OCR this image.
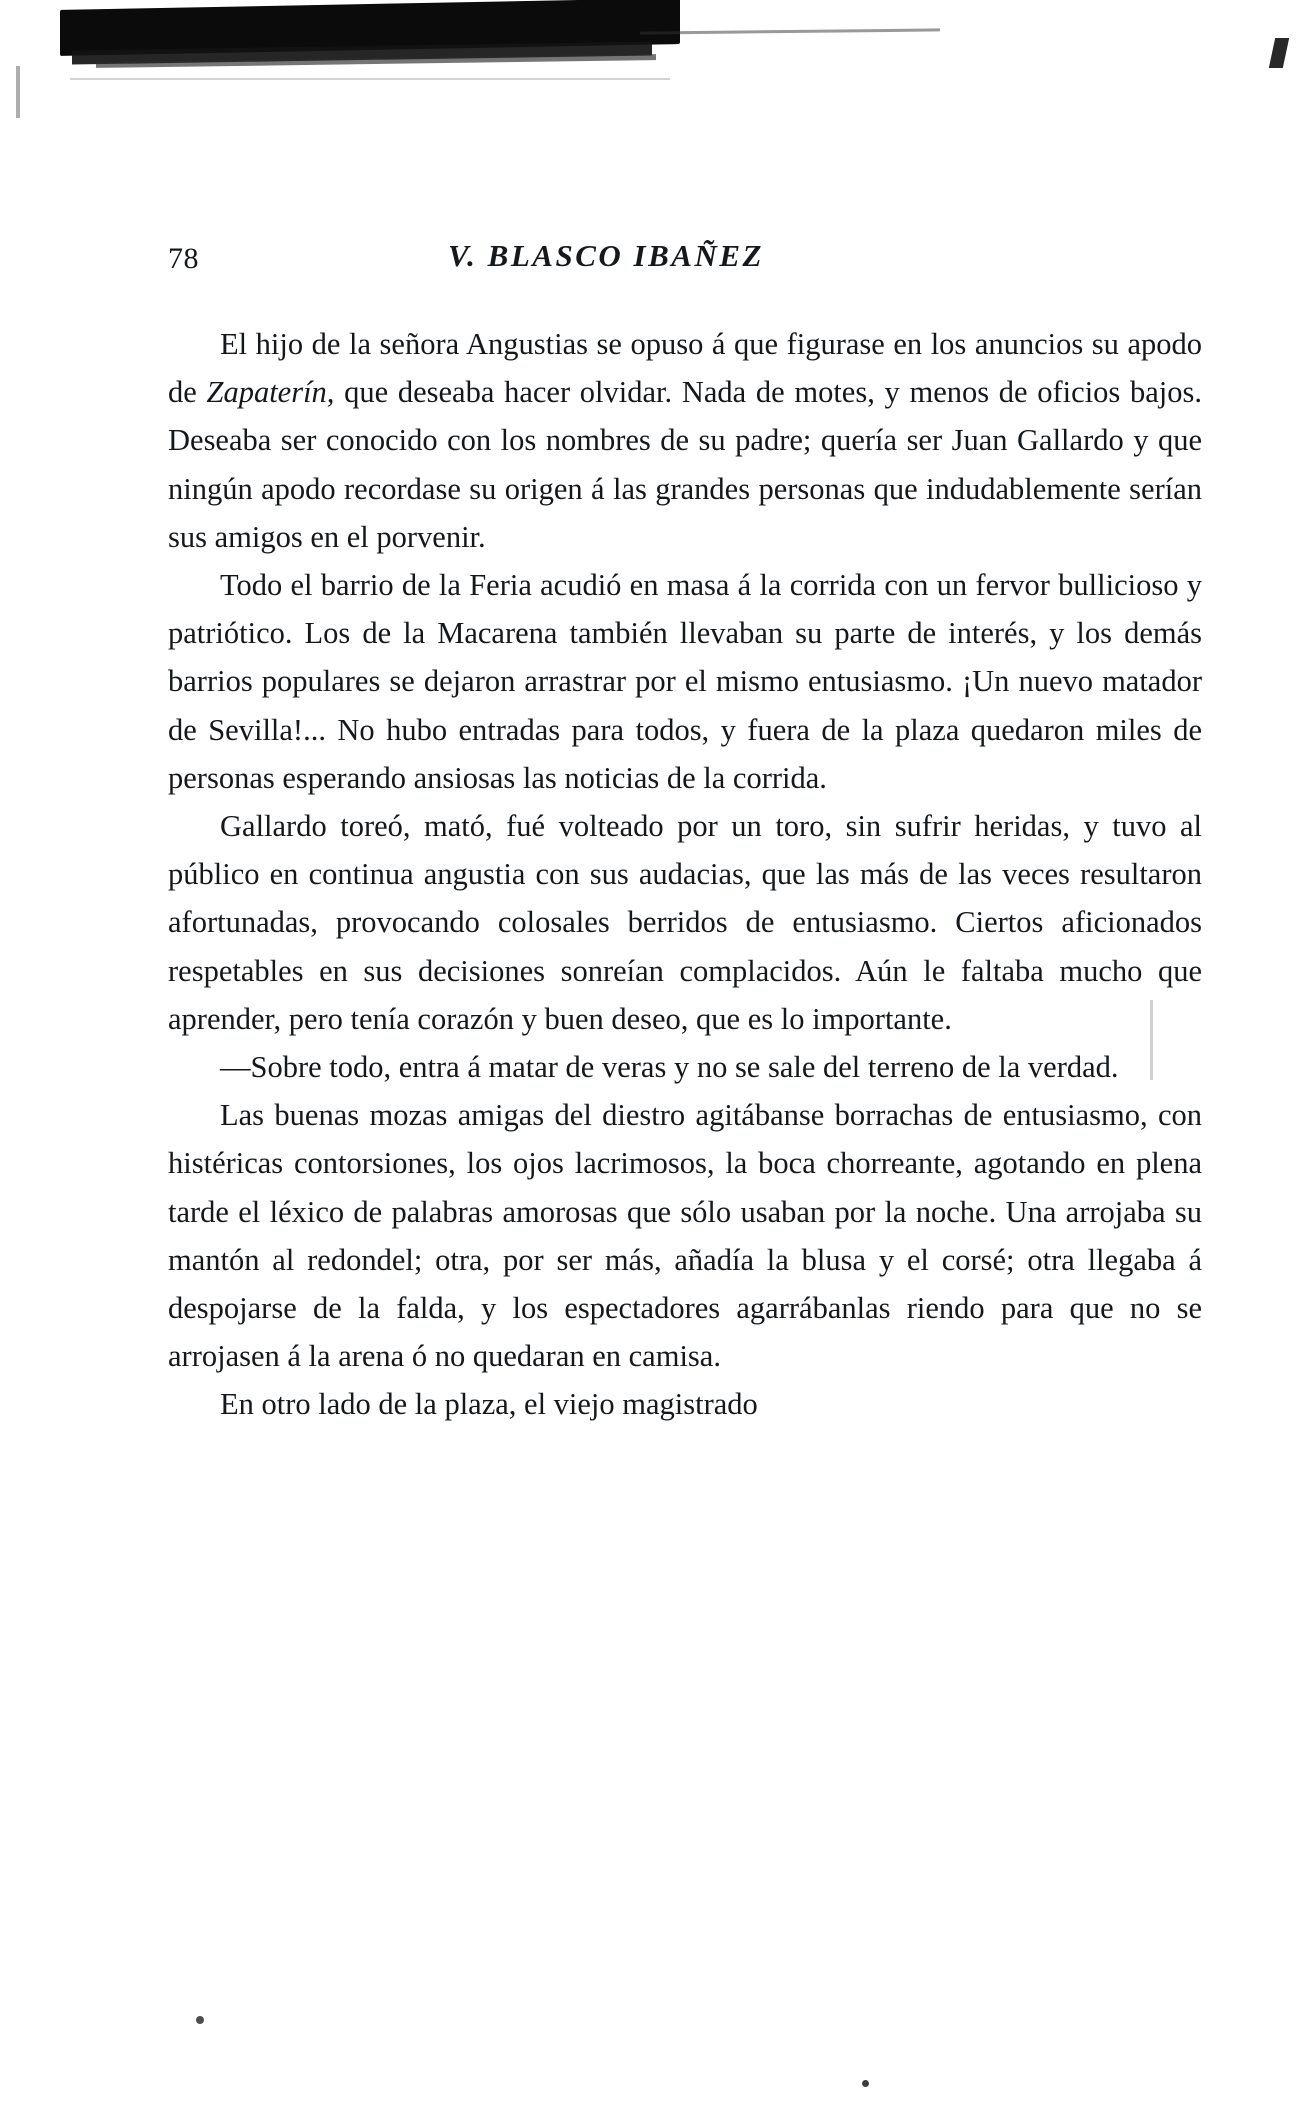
78	V. BLASCO IBAÑEZ

El hijo de la señora Angustias se opuso á que figurase en los anuncios su apodo de Zapaterín, que deseaba hacer olvidar. Nada de motes, y menos de oficios bajos. Deseaba ser conocido con los nombres de su padre; quería ser Juan Gallardo y que ningún apodo recordase su origen á las grandes personas que indudablemente serían sus amigos en el porvenir.

Todo el barrio de la Feria acudió en masa á la corrida con un fervor bullicioso y patriótico. Los de la Macarena también llevaban su parte de interés, y los demás barrios populares se dejaron arrastrar por el mismo entusiasmo. ¡Un nuevo matador de Sevilla!... No hubo entradas para todos, y fuera de la plaza quedaron miles de personas esperando ansiosas las noticias de la corrida.

Gallardo toreó, mató, fué volteado por un toro, sin sufrir heridas, y tuvo al público en continua angustia con sus audacias, que las más de las veces resultaron afortunadas, provocando colosales berridos de entusiasmo. Ciertos aficionados respetables en sus decisiones sonreían complacidos. Aún le faltaba mucho que aprender, pero tenía corazón y buen deseo, que es lo importante.

—Sobre todo, entra á matar de veras y no se sale del terreno de la verdad.

Las buenas mozas amigas del diestro agitábanse borrachas de entusiasmo, con histéricas contorsiones, los ojos lacrimosos, la boca chorreante, agotando en plena tarde el léxico de palabras amorosas que sólo usaban por la noche. Una arrojaba su mantón al redondel; otra, por ser más, añadía la blusa y el corsé; otra llegaba á despojarse de la falda, y los espectadores agarrábanlas riendo para que no se arrojasen á la arena ó no quedaran en camisa.

En otro lado de la plaza, el viejo magistrado
